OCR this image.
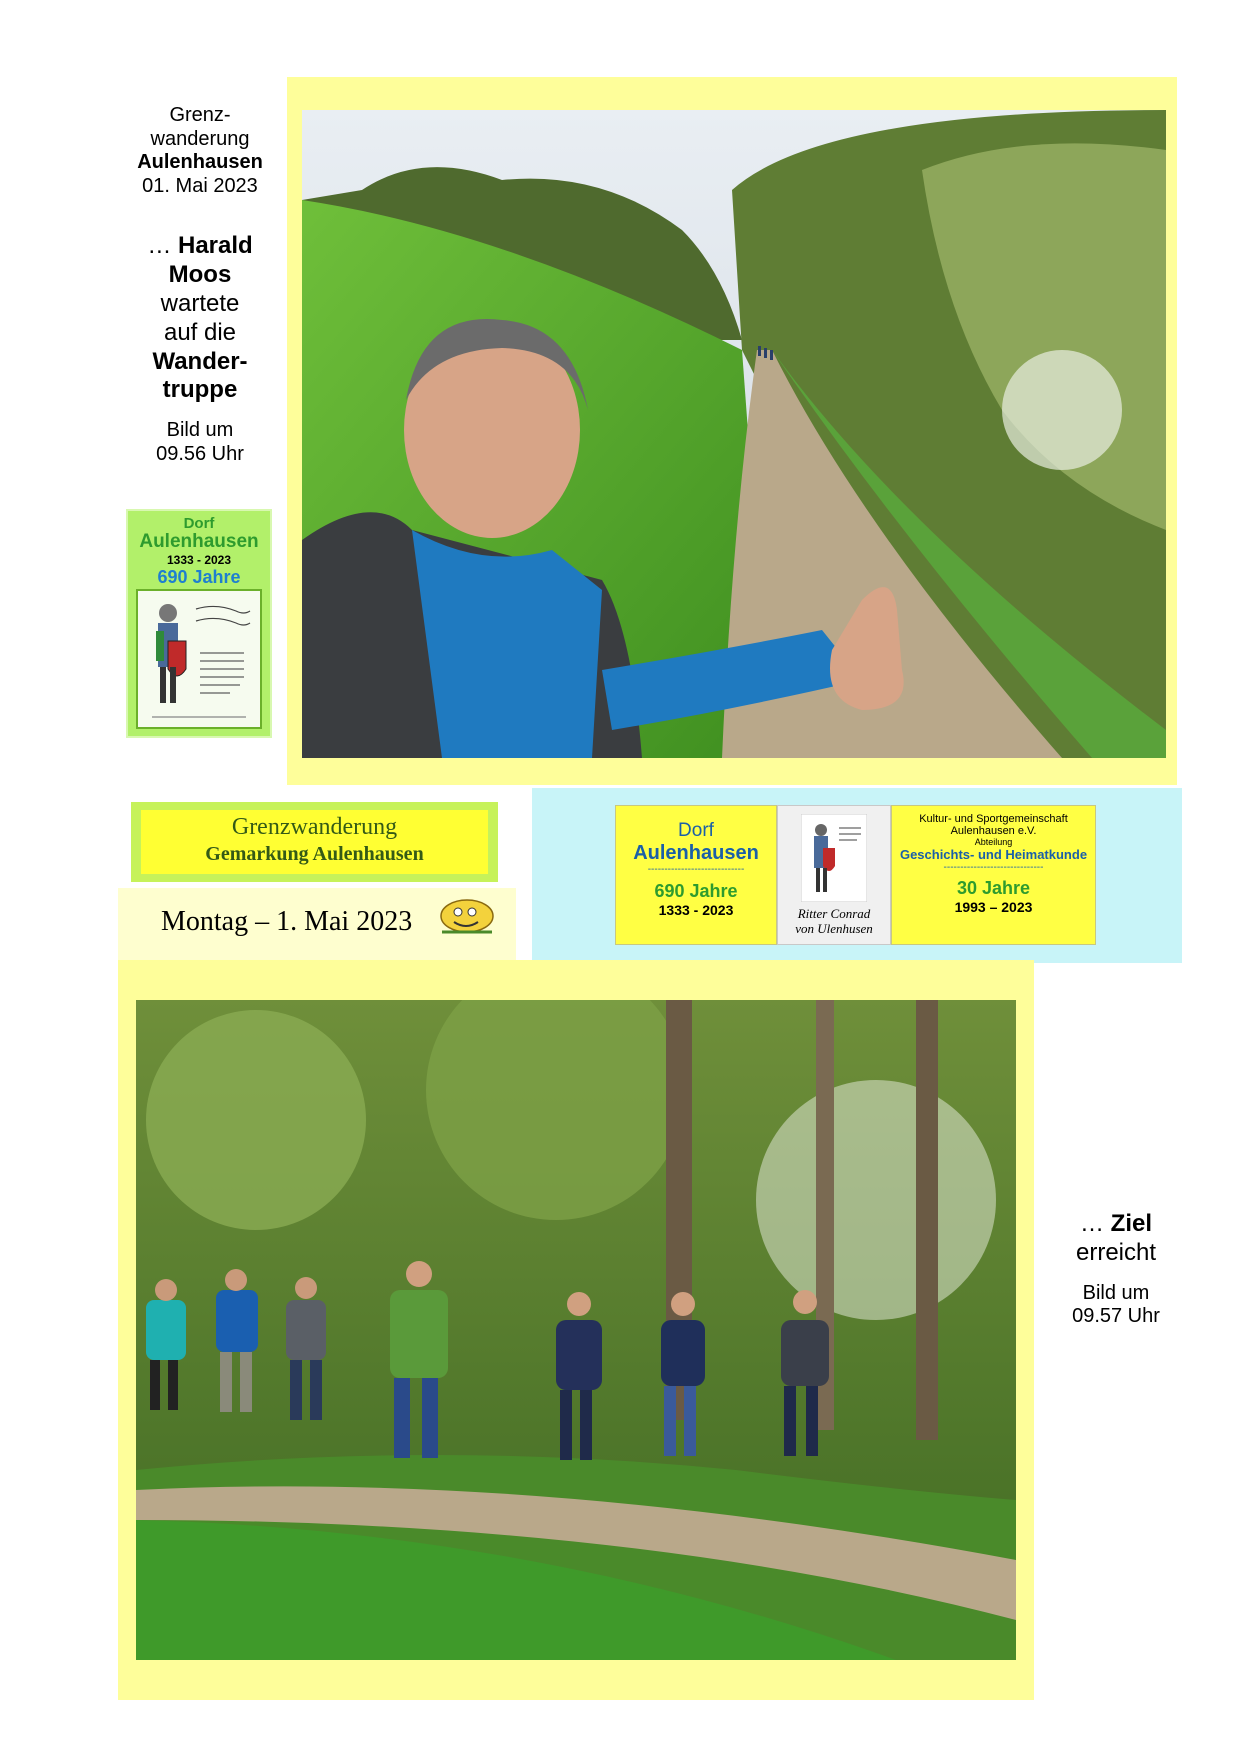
Grenz-
wanderung
Aulenhausen
01. Mai 2023
… Harald
Moos
wartete
auf die
Wander-
truppe
Bild um
09.56 Uhr
Dorf
Aulenhausen
1333 - 2023
690 Jahre
Grenzwanderung
Gemarkung Aulenhausen
Montag – 1. Mai 2023
Dorf
Aulenhausen
-----------------------------
690 Jahre
1333 - 2023	Ritter Conrad
von Ulenhusen
Kultur- und Sportgemeinschaft
Aulenhausen e.V.
Abteilung
Geschichts- und Heimatkunde
------------------------------
30 Jahre
1993 – 2023
… Ziel
erreicht
Bild um
09.57 Uhr
